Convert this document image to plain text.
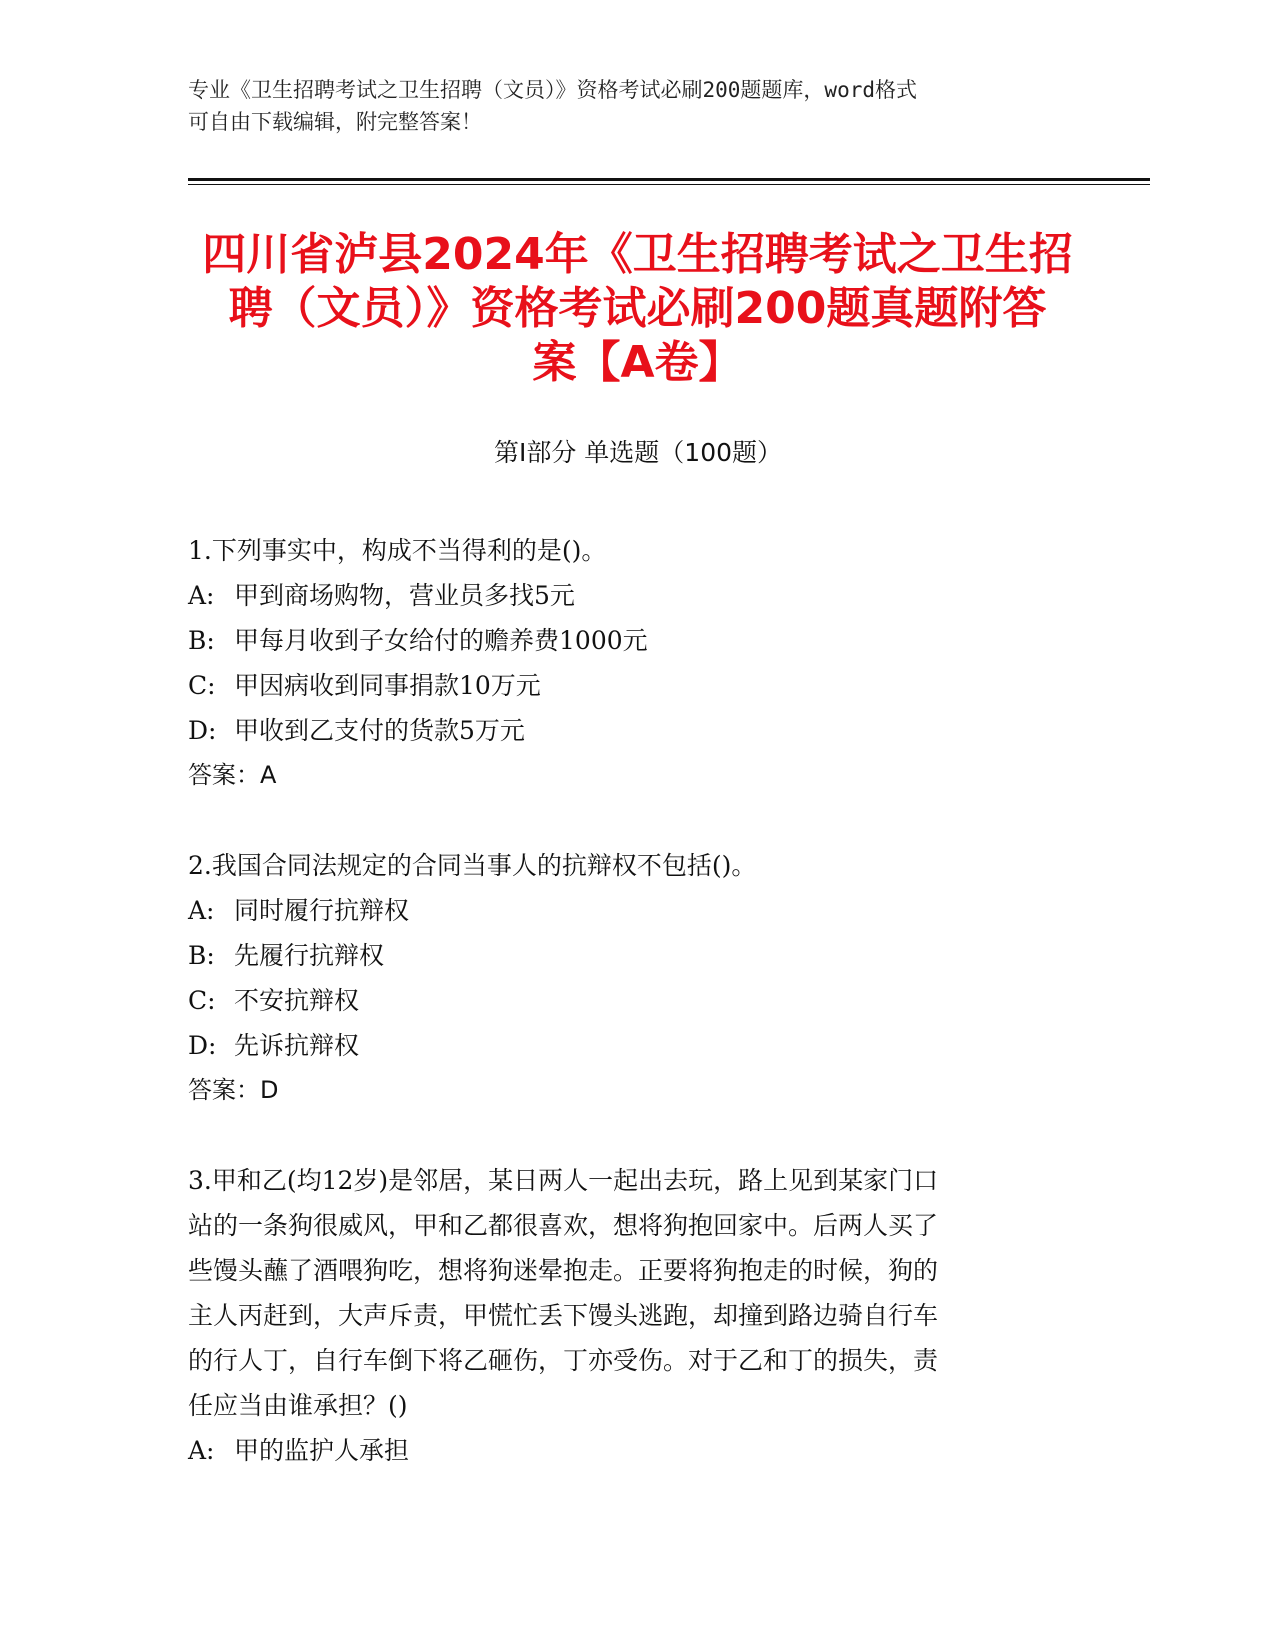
专业《卫生招聘考试之卫生招聘（文员）》资格考试必刷200题题库，word格式
可自由下载编辑，附完整答案！
四川省泸县2024年《卫生招聘考试之卫生招
聘（文员）》资格考试必刷200题真题附答
案【A卷】
第Ⅰ部分 单选题（100题）
1.下列事实中，构成不当得利的是()。
A: 甲到商场购物，营业员多找5元
B: 甲每月收到子女给付的赡养费1000元
C: 甲因病收到同事捐款10万元
D: 甲收到乙支付的货款5万元
答案：A
2.我国合同法规定的合同当事人的抗辩权不包括()。
A: 同时履行抗辩权
B: 先履行抗辩权
C: 不安抗辩权
D: 先诉抗辩权
答案：D
3.甲和乙(均12岁)是邻居，某日两人一起出去玩，路上见到某家门口
站的一条狗很威风，甲和乙都很喜欢，想将狗抱回家中。后两人买了
些馒头蘸了酒喂狗吃，想将狗迷晕抱走。正要将狗抱走的时候，狗的
主人丙赶到，大声斥责，甲慌忙丢下馒头逃跑，却撞到路边骑自行车
的行人丁，自行车倒下将乙砸伤，丁亦受伤。对于乙和丁的损失，责
任应当由谁承担？()
A: 甲的监护人承担
